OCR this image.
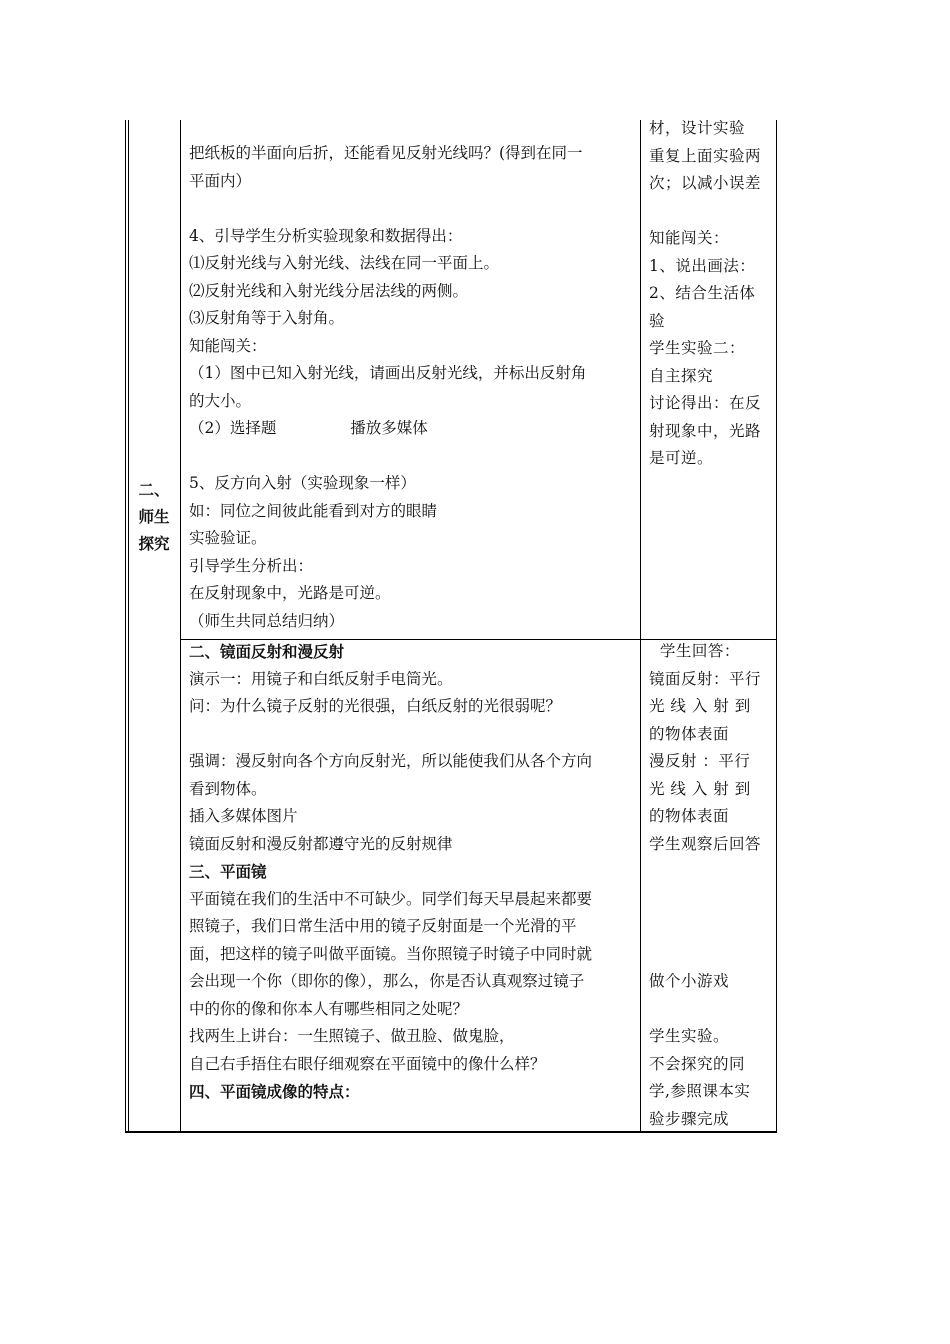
二、

师生

探究

把纸板的半面向后折，还能看见反射光线吗？(得到在同一

平面内）

4、引导学生分析实验现象和数据得出：

⑴反射光线与入射光线、法线在同一平面上。

⑵反射光线和入射光线分居法线的两侧。

⑶反射角等于入射角。

知能闯关：

（1）图中已知入射光线，请画出反射光线，并标出反射角

的大小。

（2）选择题               播放多媒体

5、反方向入射（实验现象一样）

如：同位之间彼此能看到对方的眼睛

实验验证。

引导学生分析出：

在反射现象中，光路是可逆。

（师生共同总结归纳）

材，设计实验

重复上面实验两

次；以减小误差

知能闯关：

1、说出画法：

2、结合生活体

验

学生实验二：

自主探究

讨论得出：在反

射现象中，光路

是可逆。

二、镜面反射和漫反射

演示一：用镜子和白纸反射手电筒光。

问：为什么镜子反射的光很强，白纸反射的光很弱呢？

强调：漫反射向各个方向反射光，所以能使我们从各个方向

看到物体。

插入多媒体图片

镜面反射和漫反射都遵守光的反射规律

三、平面镜

平面镜在我们的生活中不可缺少。同学们每天早晨起来都要

照镜子，我们日常生活中用的镜子反射面是一个光滑的平

面，把这样的镜子叫做平面镜。当你照镜子时镜子中同时就

会出现一个你（即你的像），那么，你是否认真观察过镜子

中的你的像和你本人有哪些相同之处呢？

找两生上讲台：一生照镜子、做丑脸、做鬼脸，

自己右手捂住右眼仔细观察在平面镜中的像什么样？

四、平面镜成像的特点：

学生回答：

镜面反射：平行

光 线 入 射 到

的物体表面

漫反射 ：平行

光 线 入 射 到

的物体表面

学生观察后回答

做个小游戏

学生实验。

不会探究的同

学,参照课本实

验步骤完成
